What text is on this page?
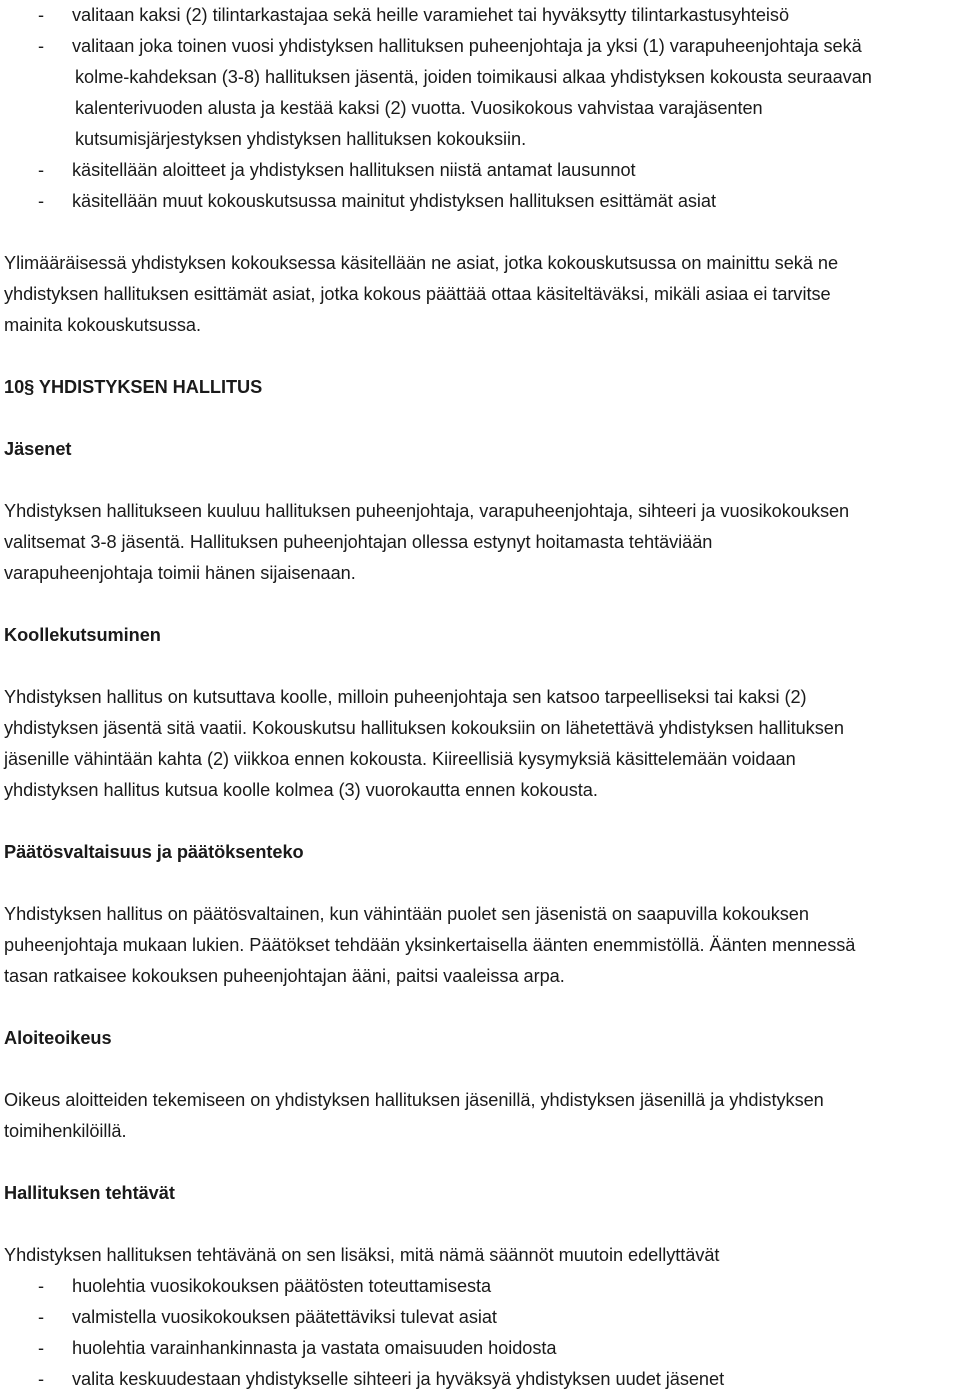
-	valitaan kaksi (2) tilintarkastajaa sekä heille varamiehet tai hyväksytty tilintarkastusyhteisö
-	valitaan joka toinen vuosi yhdistyksen hallituksen puheenjohtaja ja yksi (1) varapuheenjohtaja sekä
kolme-kahdeksan (3-8) hallituksen jäsentä, joiden toimikausi alkaa yhdistyksen kokousta seuraavan
kalenterivuoden alusta ja kestää kaksi (2) vuotta. Vuosikokous vahvistaa varajäsenten
kutsumisjärjestyksen yhdistyksen hallituksen kokouksiin.
-	käsitellään aloitteet ja yhdistyksen hallituksen niistä antamat lausunnot
-	käsitellään muut kokouskutsussa mainitut yhdistyksen hallituksen esittämät asiat
Ylimääräisessä yhdistyksen kokouksessa käsitellään ne asiat, jotka kokouskutsussa on mainittu sekä ne
yhdistyksen hallituksen esittämät asiat, jotka kokous päättää ottaa käsiteltäväksi, mikäli asiaa ei tarvitse
mainita kokouskutsussa.
10§ YHDISTYKSEN HALLITUS
Jäsenet
Yhdistyksen hallitukseen kuuluu hallituksen puheenjohtaja, varapuheenjohtaja, sihteeri ja vuosikokouksen
valitsemat 3-8 jäsentä. Hallituksen puheenjohtajan ollessa estynyt hoitamasta tehtäviään
varapuheenjohtaja toimii hänen sijaisenaan.
Koollekutsuminen
Yhdistyksen hallitus on kutsuttava koolle, milloin puheenjohtaja sen katsoo tarpeelliseksi tai kaksi (2)
yhdistyksen jäsentä sitä vaatii. Kokouskutsu hallituksen kokouksiin on lähetettävä yhdistyksen hallituksen
jäsenille vähintään kahta (2) viikkoa ennen kokousta. Kiireellisiä kysymyksiä käsittelemään voidaan
yhdistyksen hallitus kutsua koolle kolmea (3) vuorokautta ennen kokousta.
Päätösvaltaisuus ja päätöksenteko
Yhdistyksen hallitus on päätösvaltainen, kun vähintään puolet sen jäsenistä on saapuvilla kokouksen
puheenjohtaja mukaan lukien. Päätökset tehdään yksinkertaisella äänten enemmistöllä. Äänten mennessä
tasan ratkaisee kokouksen puheenjohtajan ääni, paitsi vaaleissa arpa.
Aloiteoikeus
Oikeus aloitteiden tekemiseen on yhdistyksen hallituksen jäsenillä, yhdistyksen jäsenillä ja yhdistyksen
toimihenkilöillä.
Hallituksen tehtävät
Yhdistyksen hallituksen tehtävänä on sen lisäksi, mitä nämä säännöt muutoin edellyttävät
-	huolehtia vuosikokouksen päätösten toteuttamisesta
-	valmistella vuosikokouksen päätettäviksi tulevat asiat
-	huolehtia varainhankinnasta ja vastata omaisuuden hoidosta
-	valita keskuudestaan yhdistykselle sihteeri ja hyväksyä yhdistyksen uudet jäsenet
